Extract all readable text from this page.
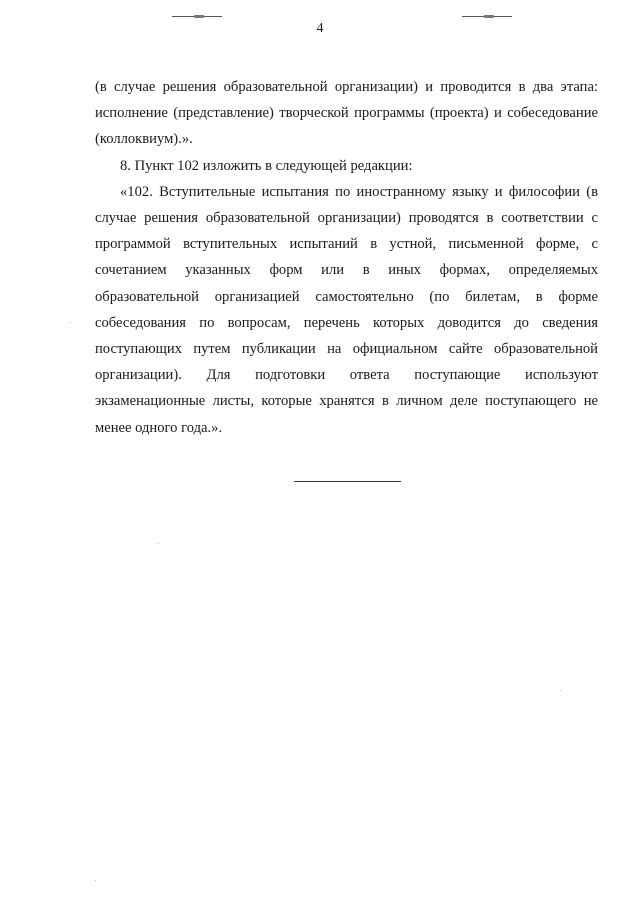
4

(в случае решения образовательной организации) и проводится в два этапа: исполнение (представление) творческой программы (проекта) и собеседование (коллоквиум).».

8. Пункт 102 изложить в следующей редакции:

«102. Вступительные испытания по иностранному языку и философии (в случае решения образовательной организации) проводятся в соответствии с программой вступительных испытаний в устной, письменной форме, с сочетанием указанных форм или в иных формах, определяемых образовательной организацией самостоятельно (по билетам, в форме собеседования по вопросам, перечень которых доводится до сведения поступающих путем публикации на официальном сайте образовательной организации). Для подготовки ответа поступающие используют экзаменационные листы, которые хранятся в личном деле поступающего не менее одного года.».
